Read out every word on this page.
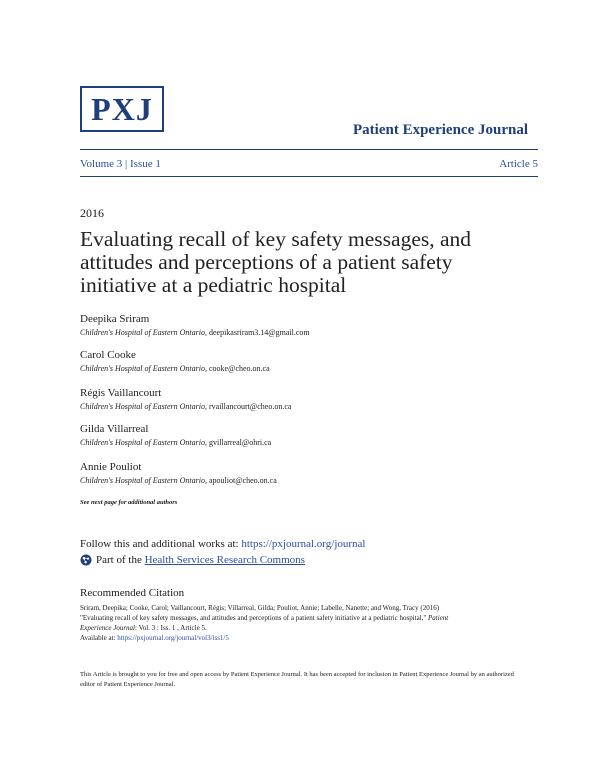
PXJ
Patient Experience Journal
Volume 3 | Issue 1	Article 5
2016
Evaluating recall of key safety messages, and attitudes and perceptions of a patient safety initiative at a pediatric hospital
Deepika Sriram
Children's Hospital of Eastern Ontario, deepikasriram3.14@gmail.com
Carol Cooke
Children's Hospital of Eastern Ontario, cooke@cheo.on.ca
Régis Vaillancourt
Children's Hospital of Eastern Ontario, rvaillancourt@cheo.on.ca
Gilda Villarreal
Children's Hospital of Eastern Ontario, gvillarreal@ohri.ca
Annie Pouliot
Children's Hospital of Eastern Ontario, apouliot@cheo.on.ca
See next page for additional authors
Follow this and additional works at: https://pxjournal.org/journal
Part of the
Health Services Research Commons
Recommended Citation
Sriram, Deepika; Cooke, Carol; Vaillancourt, Régis; Villarreal, Gilda; Pouliot, Annie; Labelle, Nanette; and Wong, Tracy (2016)
"Evaluating recall of key safety messages, and attitudes and perceptions of a patient safety initiative at a pediatric hospital," Patient
Experience Journal: Vol. 3 : Iss. 1 , Article 5.
Available at: https://pxjournal.org/journal/vol3/iss1/5
This Article is brought to you for free and open access by Patient Experience Journal. It has been accepted for inclusion in Patient Experience Journal by an authorized editor of Patient Experience Journal.
